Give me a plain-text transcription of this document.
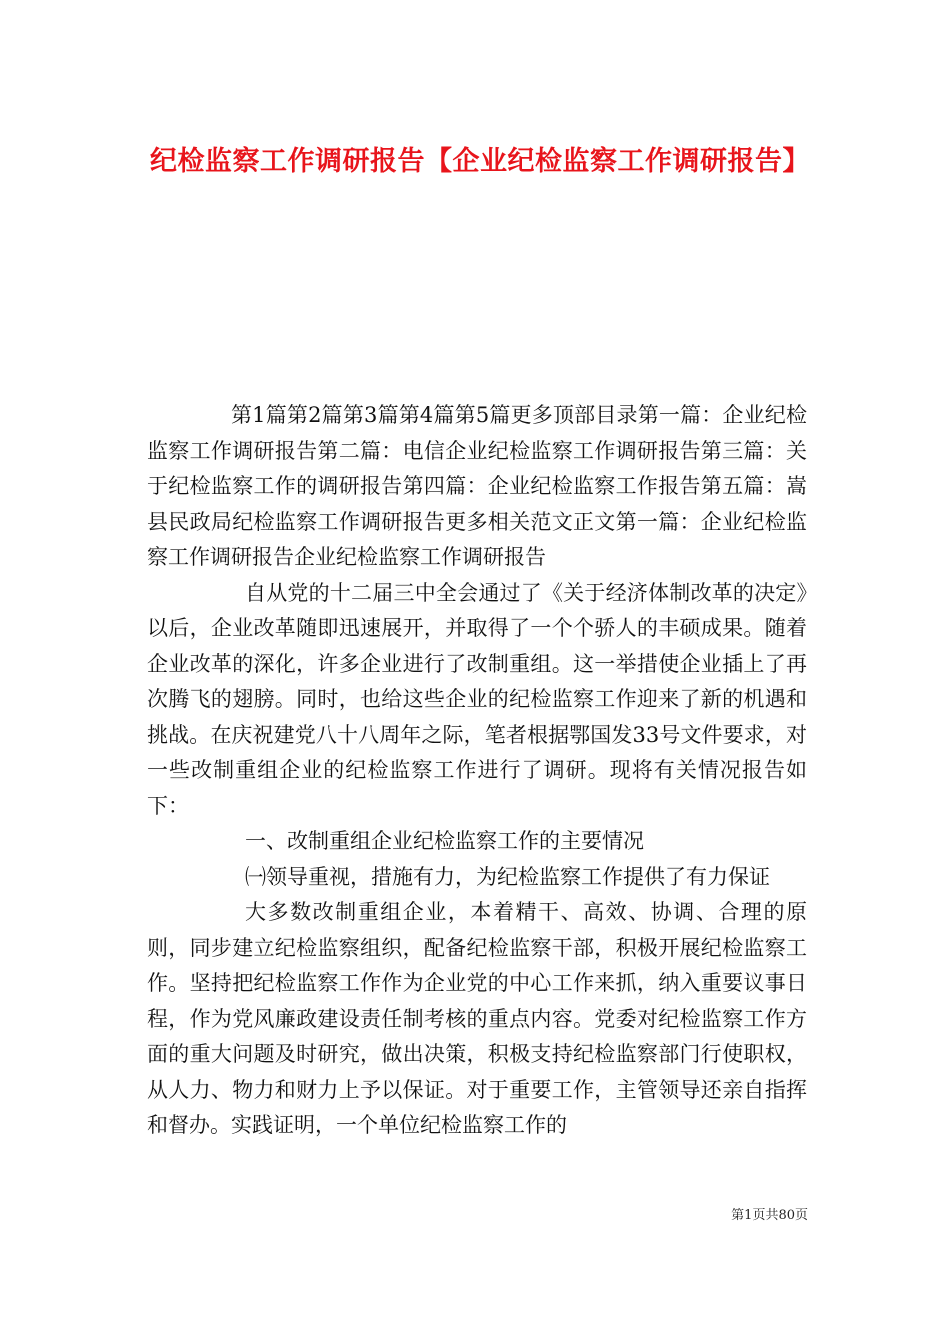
纪检监察工作调研报告【企业纪检监察工作调研报告】

第1篇第2篇第3篇第4篇第5篇更多顶部目录第一篇：企业纪检监察工作调研报告第二篇：电信企业纪检监察工作调研报告第三篇：关于纪检监察工作的调研报告第四篇：企业纪检监察工作报告第五篇：嵩县民政局纪检监察工作调研报告更多相关范文正文第一篇：企业纪检监察工作调研报告企业纪检监察工作调研报告

自从党的十二届三中全会通过了《关于经济体制改革的决定》以后，企业改革随即迅速展开，并取得了一个个骄人的丰硕成果。随着企业改革的深化，许多企业进行了改制重组。这一举措使企业插上了再次腾飞的翅膀。同时，也给这些企业的纪检监察工作迎来了新的机遇和挑战。在庆祝建党八十八周年之际，笔者根据鄂国发33号文件要求，对一些改制重组企业的纪检监察工作进行了调研。现将有关情况报告如下：

一、改制重组企业纪检监察工作的主要情况

㈠领导重视，措施有力，为纪检监察工作提供了有力保证

大多数改制重组企业，本着精干、高效、协调、合理的原则，同步建立纪检监察组织，配备纪检监察干部，积极开展纪检监察工作。坚持把纪检监察工作作为企业党的中心工作来抓，纳入重要议事日程，作为党风廉政建设责任制考核的重点内容。党委对纪检监察工作方面的重大问题及时研究，做出决策，积极支持纪检监察部门行使职权，从人力、物力和财力上予以保证。对于重要工作，主管领导还亲自指挥和督办。实践证明，一个单位纪检监察工作的

第1页共80页
